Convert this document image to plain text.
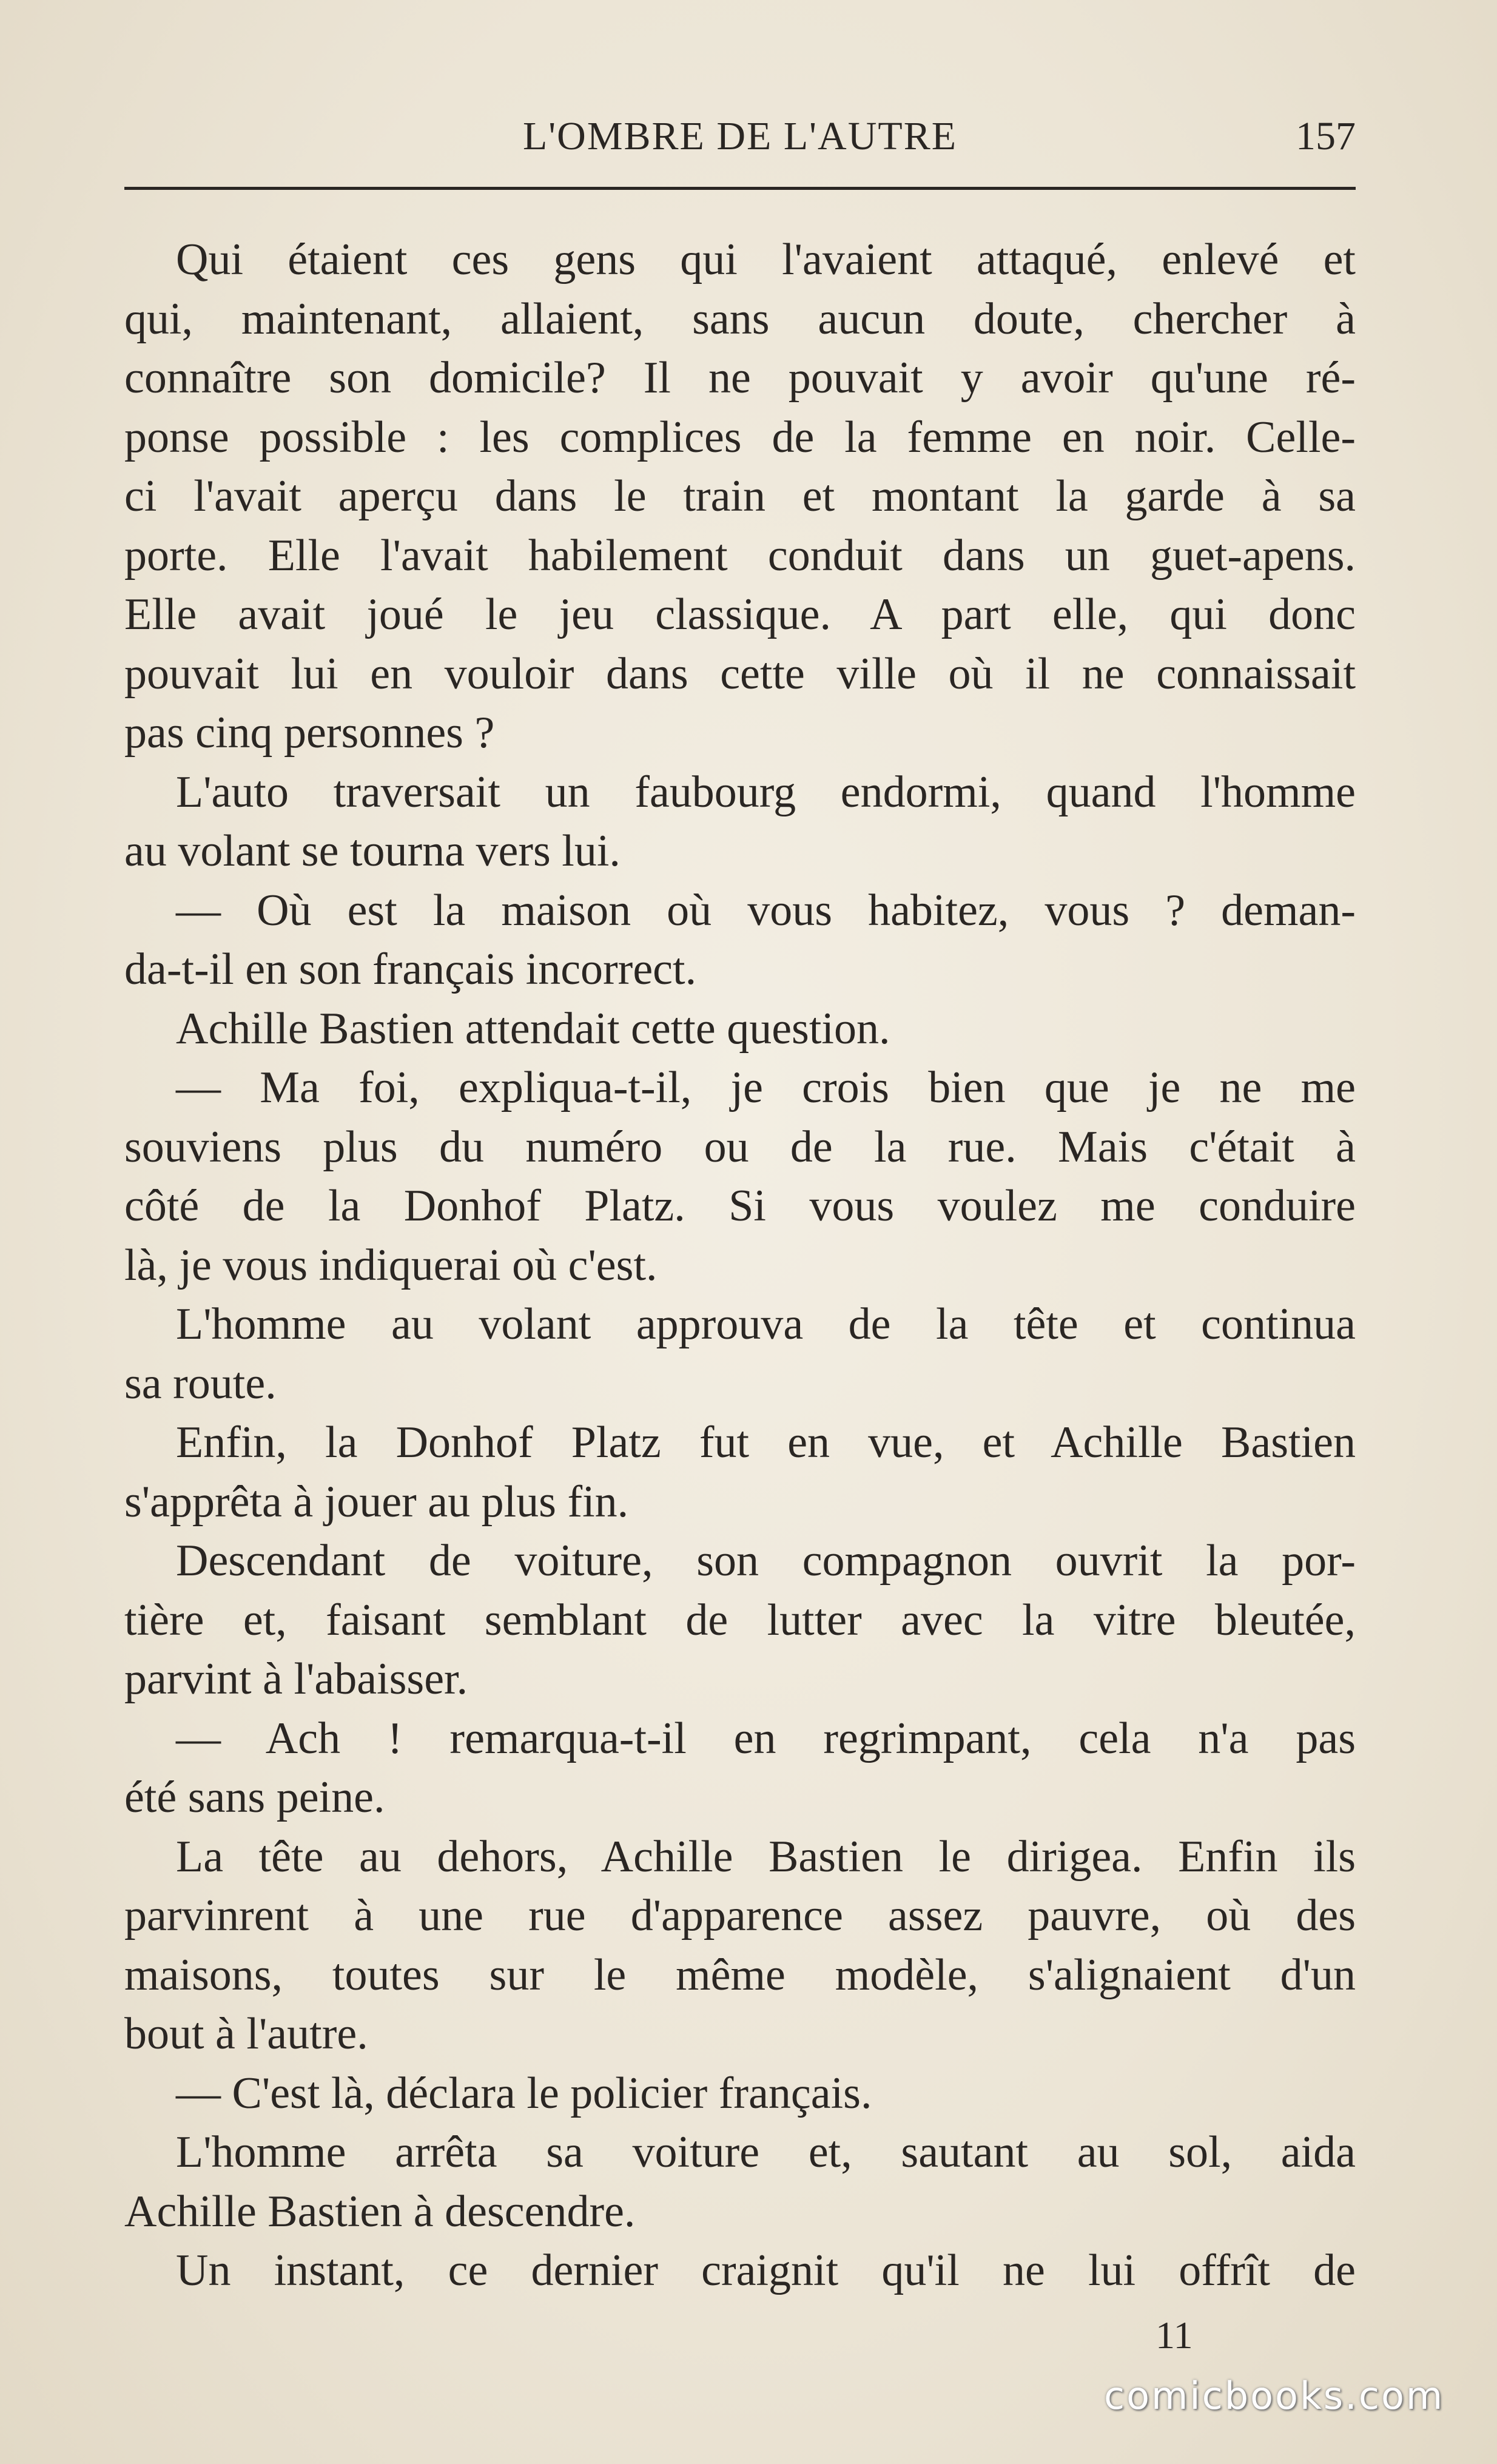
L'OMBRE DE L'AUTRE	157
Qui étaient ces gens qui l'avaient attaqué, enlevé et
qui, maintenant, allaient, sans aucun doute, chercher à
connaître son domicile? Il ne pouvait y avoir qu'une ré-
ponse possible : les complices de la femme en noir. Celle-
ci l'avait aperçu dans le train et montant la garde à sa
porte. Elle l'avait habilement conduit dans un guet-apens.
Elle avait joué le jeu classique. A part elle, qui donc
pouvait lui en vouloir dans cette ville où il ne connaissait
pas cinq personnes ?
L'auto traversait un faubourg endormi, quand l'homme
au volant se tourna vers lui.
— Où est la maison où vous habitez, vous ? deman-
da-t-il en son français incorrect.
Achille Bastien attendait cette question.
— Ma foi, expliqua-t-il, je crois bien que je ne me
souviens plus du numéro ou de la rue. Mais c'était à
côté de la Donhof Platz. Si vous voulez me conduire
là, je vous indiquerai où c'est.
L'homme au volant approuva de la tête et continua
sa route.
Enfin, la Donhof Platz fut en vue, et Achille Bastien
s'apprêta à jouer au plus fin.
Descendant de voiture, son compagnon ouvrit la por-
tière et, faisant semblant de lutter avec la vitre bleutée,
parvint à l'abaisser.
— Ach ! remarqua-t-il en regrimpant, cela n'a pas
été sans peine.
La tête au dehors, Achille Bastien le dirigea. Enfin ils
parvinrent à une rue d'apparence assez pauvre, où des
maisons, toutes sur le même modèle, s'alignaient d'un
bout à l'autre.
— C'est là, déclara le policier français.
L'homme arrêta sa voiture et, sautant au sol, aida
Achille Bastien à descendre.
Un instant, ce dernier craignit qu'il ne lui offrît de
11
comicbooks.com
